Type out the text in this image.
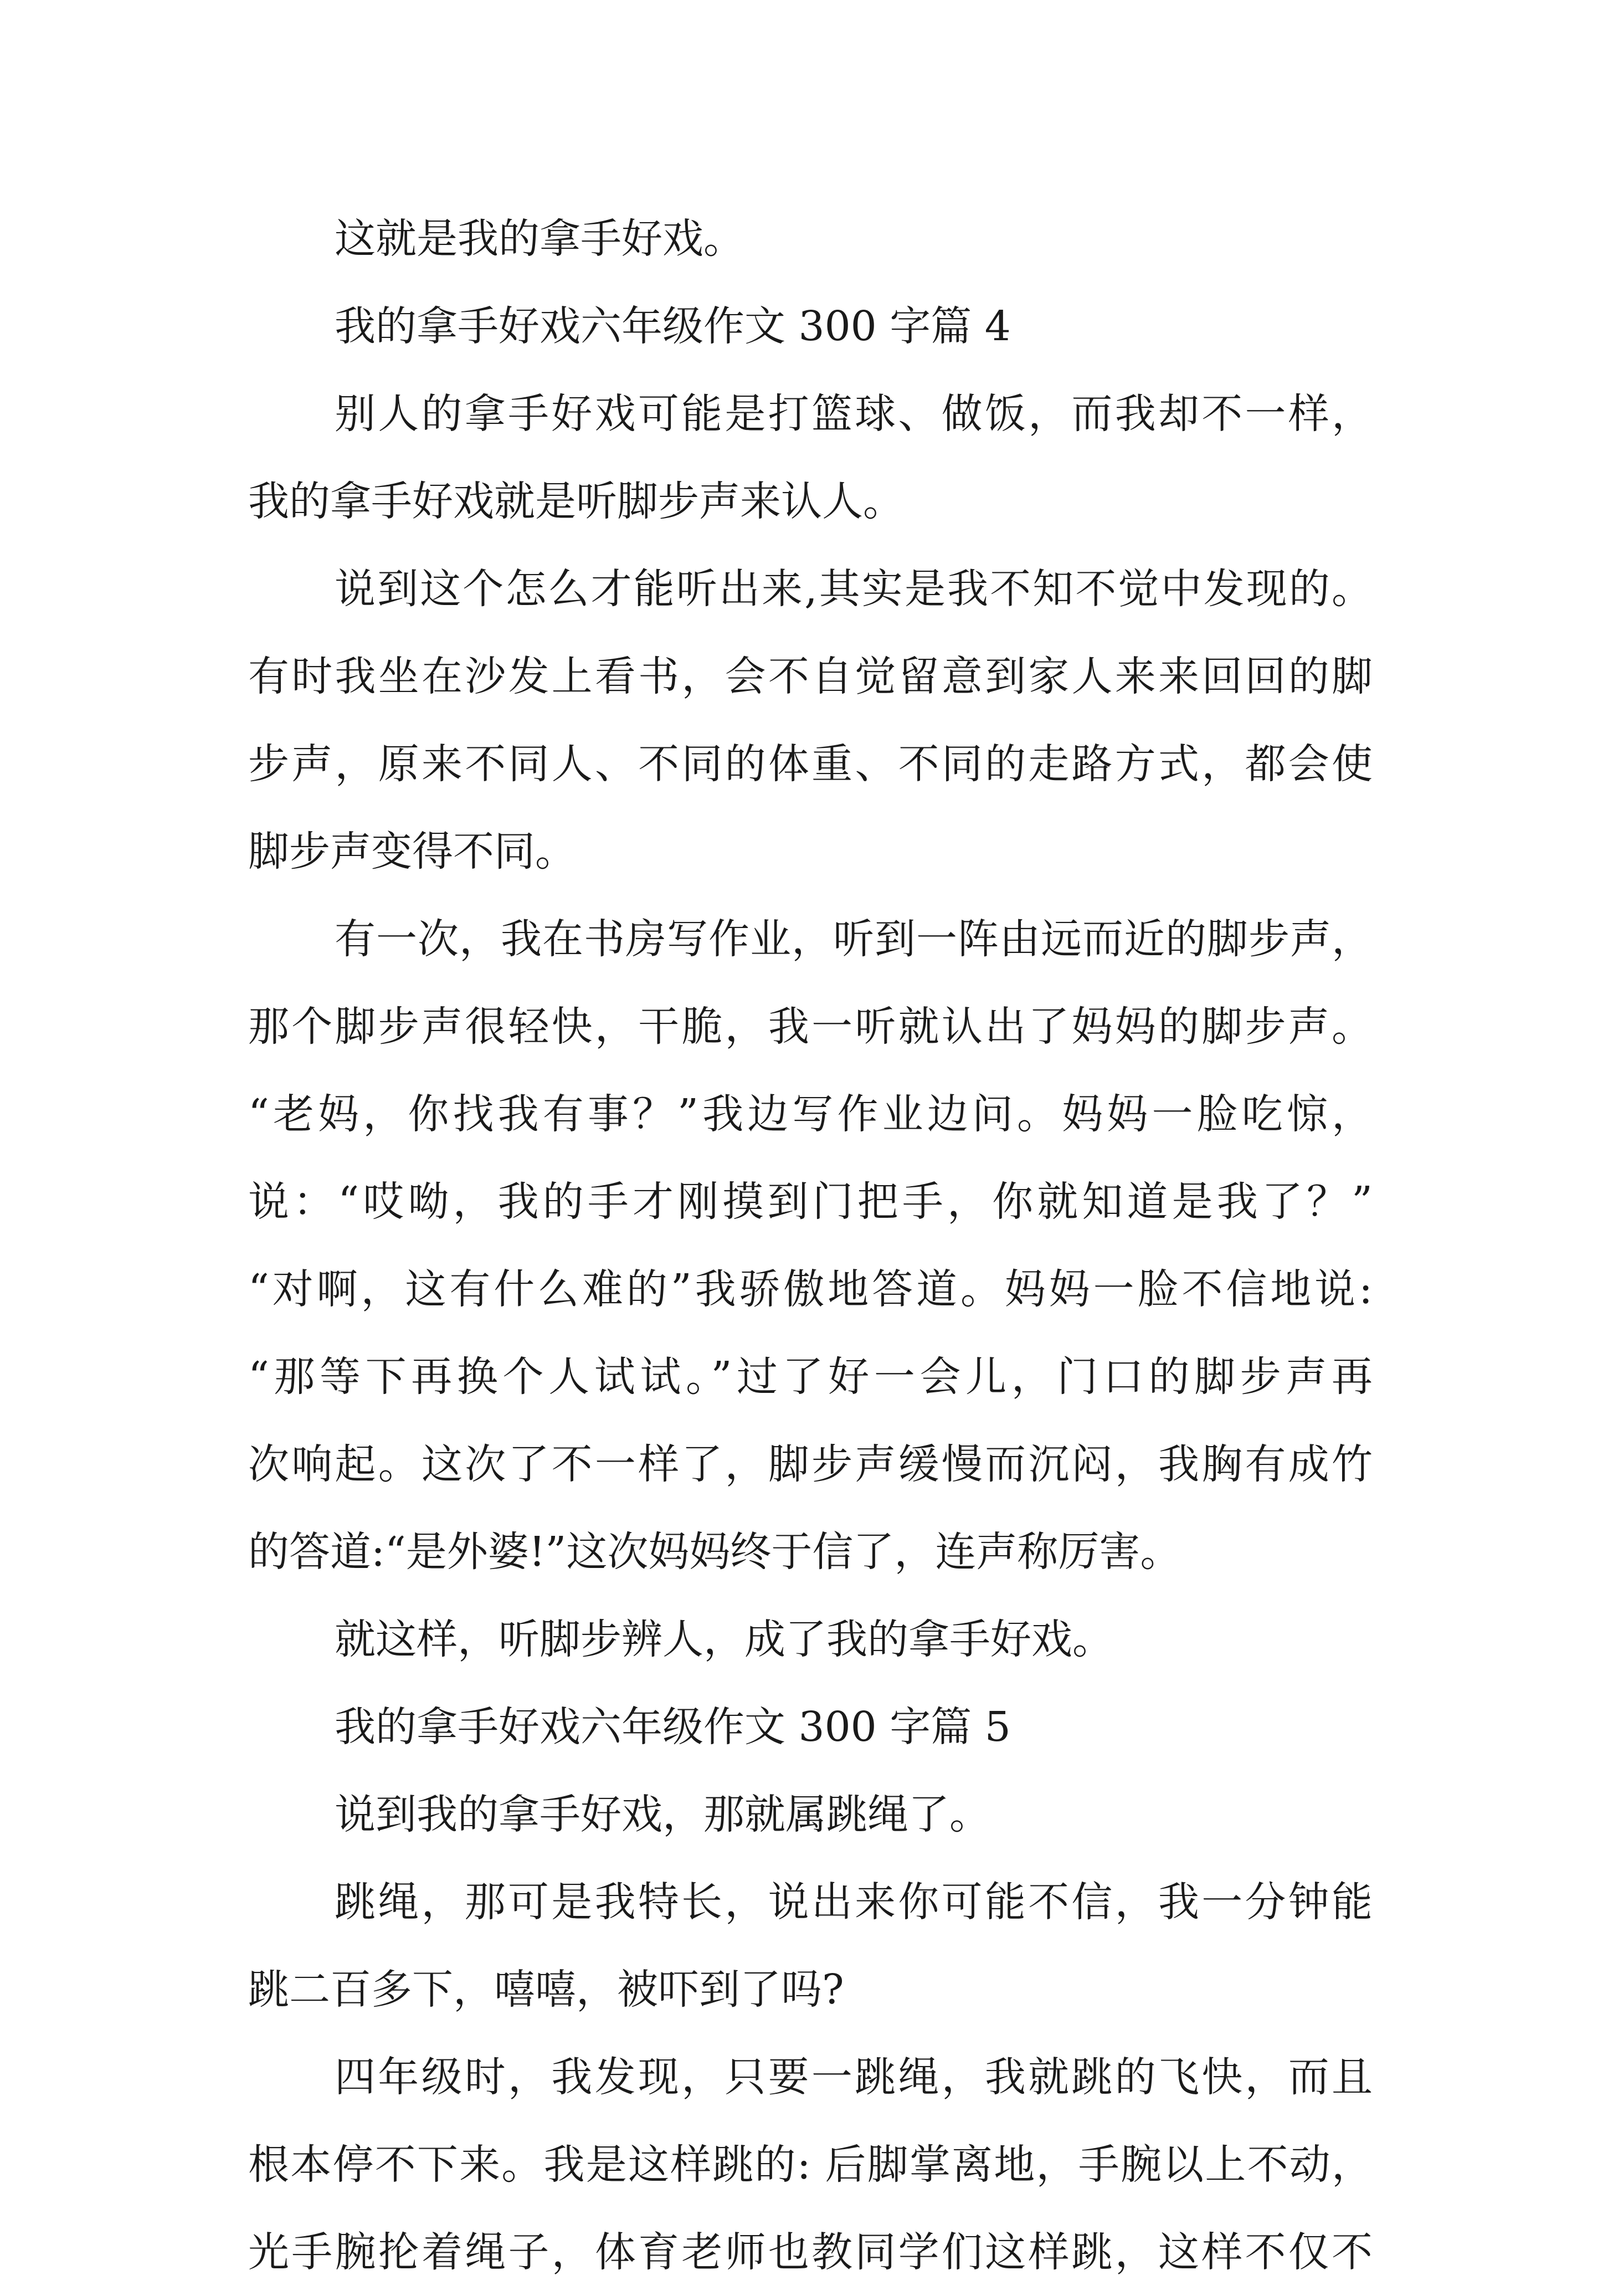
这就是我的拿手好戏。
我的拿手好戏六年级作文 300 字篇 4
别人的拿手好戏可能是打篮球、做饭，而我却不一样，
我的拿手好戏就是听脚步声来认人。
说到这个怎么才能听出来,其实是我不知不觉中发现的。
有时我坐在沙发上看书，会不自觉留意到家人来来回回的脚
步声，原来不同人、不同的体重、不同的走路方式，都会使
脚步声变得不同。
有一次，我在书房写作业，听到一阵由远而近的脚步声，
那个脚步声很轻快，干脆，我一听就认出了妈妈的脚步声。
“老妈，你找我有事？”我边写作业边问。妈妈一脸吃惊，
说：“哎呦，我的手才刚摸到门把手，你就知道是我了？”
“对啊，这有什么难的”我骄傲地答道。妈妈一脸不信地说:
“那等下再换个人试试。”过了好一会儿，门口的脚步声再
次响起。这次了不一样了，脚步声缓慢而沉闷，我胸有成竹
的答道:“是外婆!”这次妈妈终于信了，连声称厉害。
就这样，听脚步辨人，成了我的拿手好戏。
我的拿手好戏六年级作文 300 字篇 5
说到我的拿手好戏，那就属跳绳了。
跳绳，那可是我特长，说出来你可能不信，我一分钟能
跳二百多下，嘻嘻，被吓到了吗?
四年级时，我发现，只要一跳绳，我就跳的飞快，而且
根本停不下来。我是这样跳的: 后脚掌离地，手腕以上不动，
光手腕抡着绳子，体育老师也教同学们这样跳，这样不仅不
